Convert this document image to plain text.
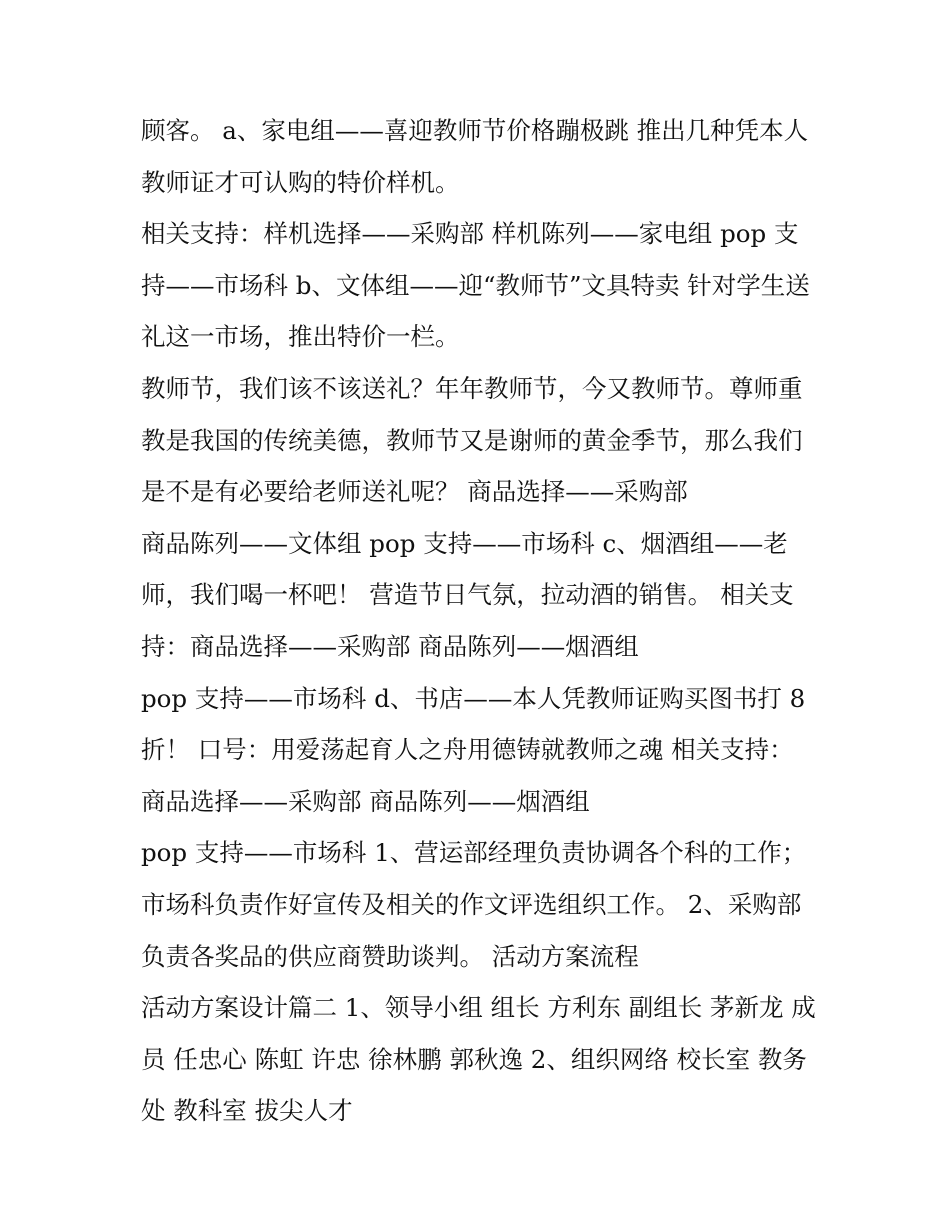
顾客。 a、家电组——喜迎教师节价格蹦极跳 推出几种凭本人
教师证才可认购的特价样机。
相关支持：样机选择——采购部 样机陈列——家电组 pop 支
持——市场科 b、文体组——迎“教师节”文具特卖 针对学生送
礼这一市场，推出特价一栏。
教师节，我们该不该送礼？年年教师节，今又教师节。尊师重
教是我国的传统美德，教师节又是谢师的黄金季节，那么我们
是不是有必要给老师送礼呢？ 商品选择——采购部
商品陈列——文体组 pop 支持——市场科 c、烟酒组——老
师，我们喝一杯吧！ 营造节日气氛，拉动酒的销售。 相关支
持：商品选择——采购部 商品陈列——烟酒组
pop 支持——市场科 d、书店——本人凭教师证购买图书打 8
折！ 口号：用爱荡起育人之舟用德铸就教师之魂 相关支持：
商品选择——采购部 商品陈列——烟酒组
pop 支持——市场科 1、营运部经理负责协调各个科的工作；
市场科负责作好宣传及相关的作文评选组织工作。 2、采购部
负责各奖品的供应商赞助谈判。 活动方案流程
活动方案设计篇二 1、领导小组 组长 方利东 副组长 茅新龙 成
员 任忠心 陈虹 许忠 徐林鹏 郭秋逸 2、组织网络 校长室 教务
处 教科室 拔尖人才
